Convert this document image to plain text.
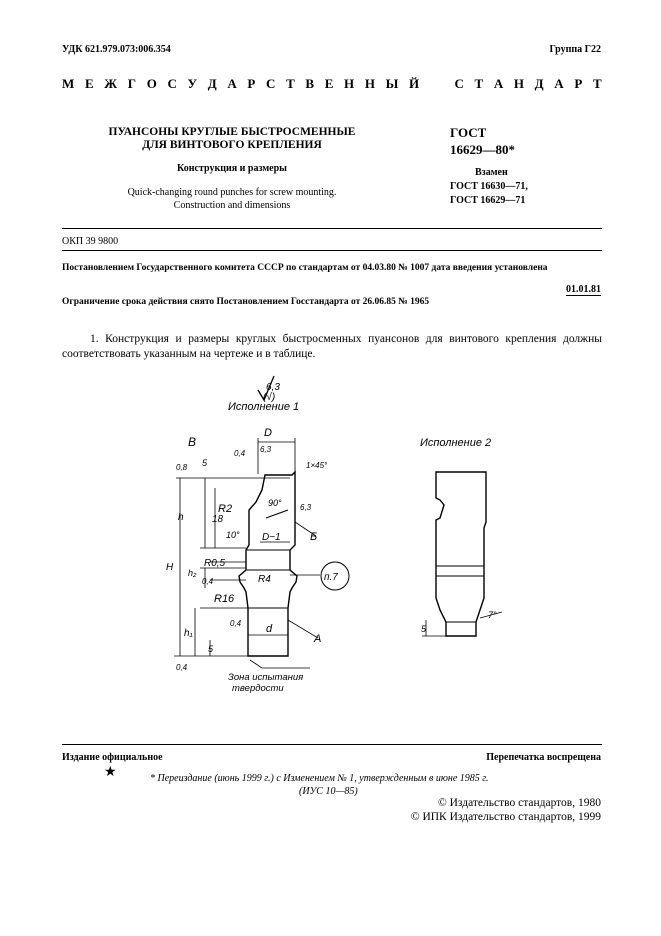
УДК 621.979.073:006.354	Группа Г22
М Е Ж Г О С У Д А Р С Т В Е Н Н Ы Й	С Т А Н Д А Р Т
ПУАНСОНЫ КРУГЛЫЕ БЫСТРОСМЕННЫЕ
ДЛЯ ВИНТОВОГО КРЕПЛЕНИЯ
Конструкция и размеры
Quick-changing round punches for screw mounting.
Construction and dimensions
ГОСТ
16629—80*
Взамен
ГОСТ 16630—71,
ГОСТ 16629—71
ОКП 39 9800
Постановлением Государственного комитета СССР по стандартам от 04.03.80 № 1007 дата введения установлена
01.01.81
Ограничение срока действия снято Постановлением Госстандарта от 26.06.85 № 1965
1. Конструкция и размеры круглых быстросменных пуансонов для винтового крепления должны соответствовать указанным на чертеже и в таблице.
6,3
(√)
Исполнение 1
Исполнение 2
В
D
6,3
1×45°
0,8
0,4
5
R2	90°
10°
6,3
Б
D−1
R0,5
R4
0,4
R16
0,4
0,4
5
5
18
h
H h₂
h₁	d
А
п.7
7°
Зона испытания
твердости
Издание официальное	Перепечатка воспрещена
★	* Переиздание (июнь 1999 г.) с Изменением № 1, утвержденным в июне 1985 г.
(ИУС 10—85)
© Издательство стандартов, 1980
© ИПК Издательство стандартов, 1999
